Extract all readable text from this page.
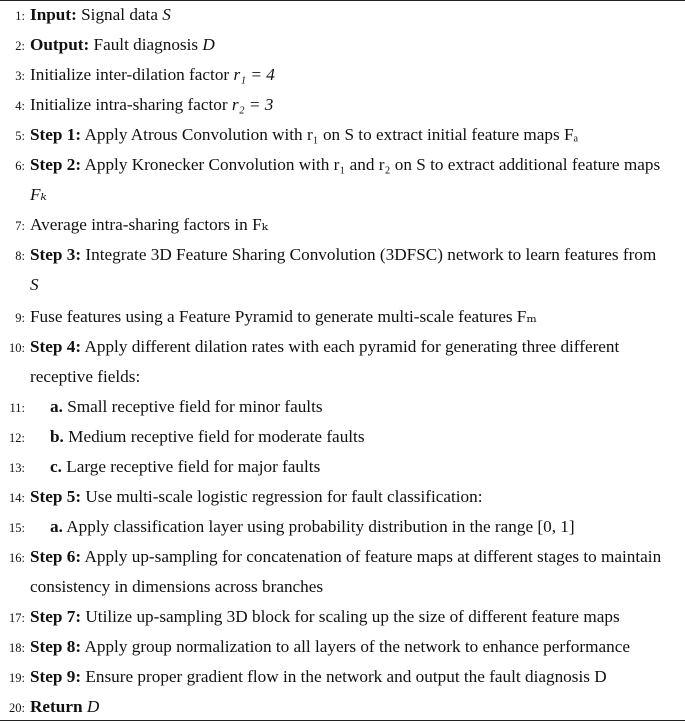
1: Input: Signal data S
2: Output: Fault diagnosis D
3: Initialize inter-dilation factor r₁ = 4
4: Initialize intra-sharing factor r₂ = 3
5: Step 1: Apply Atrous Convolution with r₁ on S to extract initial feature maps Fₐ
6: Step 2: Apply Kronecker Convolution with r₁ and r₂ on S to extract additional feature maps
Fₖ
7: Average intra-sharing factors in Fₖ
8: Step 3: Integrate 3D Feature Sharing Convolution (3DFSC) network to learn features from
S
9: Fuse features using a Feature Pyramid to generate multi-scale features Fₘ
10: Step 4: Apply different dilation rates with each pyramid for generating three different
receptive fields:
11: a. Small receptive field for minor faults
12: b. Medium receptive field for moderate faults
13: c. Large receptive field for major faults
14: Step 5: Use multi-scale logistic regression for fault classification:
15: a. Apply classification layer using probability distribution in the range [0, 1]
16: Step 6: Apply up-sampling for concatenation of feature maps at different stages to maintain
consistency in dimensions across branches
17: Step 7: Utilize up-sampling 3D block for scaling up the size of different feature maps
18: Step 8: Apply group normalization to all layers of the network to enhance performance
19: Step 9: Ensure proper gradient flow in the network and output the fault diagnosis D
20: Return D
